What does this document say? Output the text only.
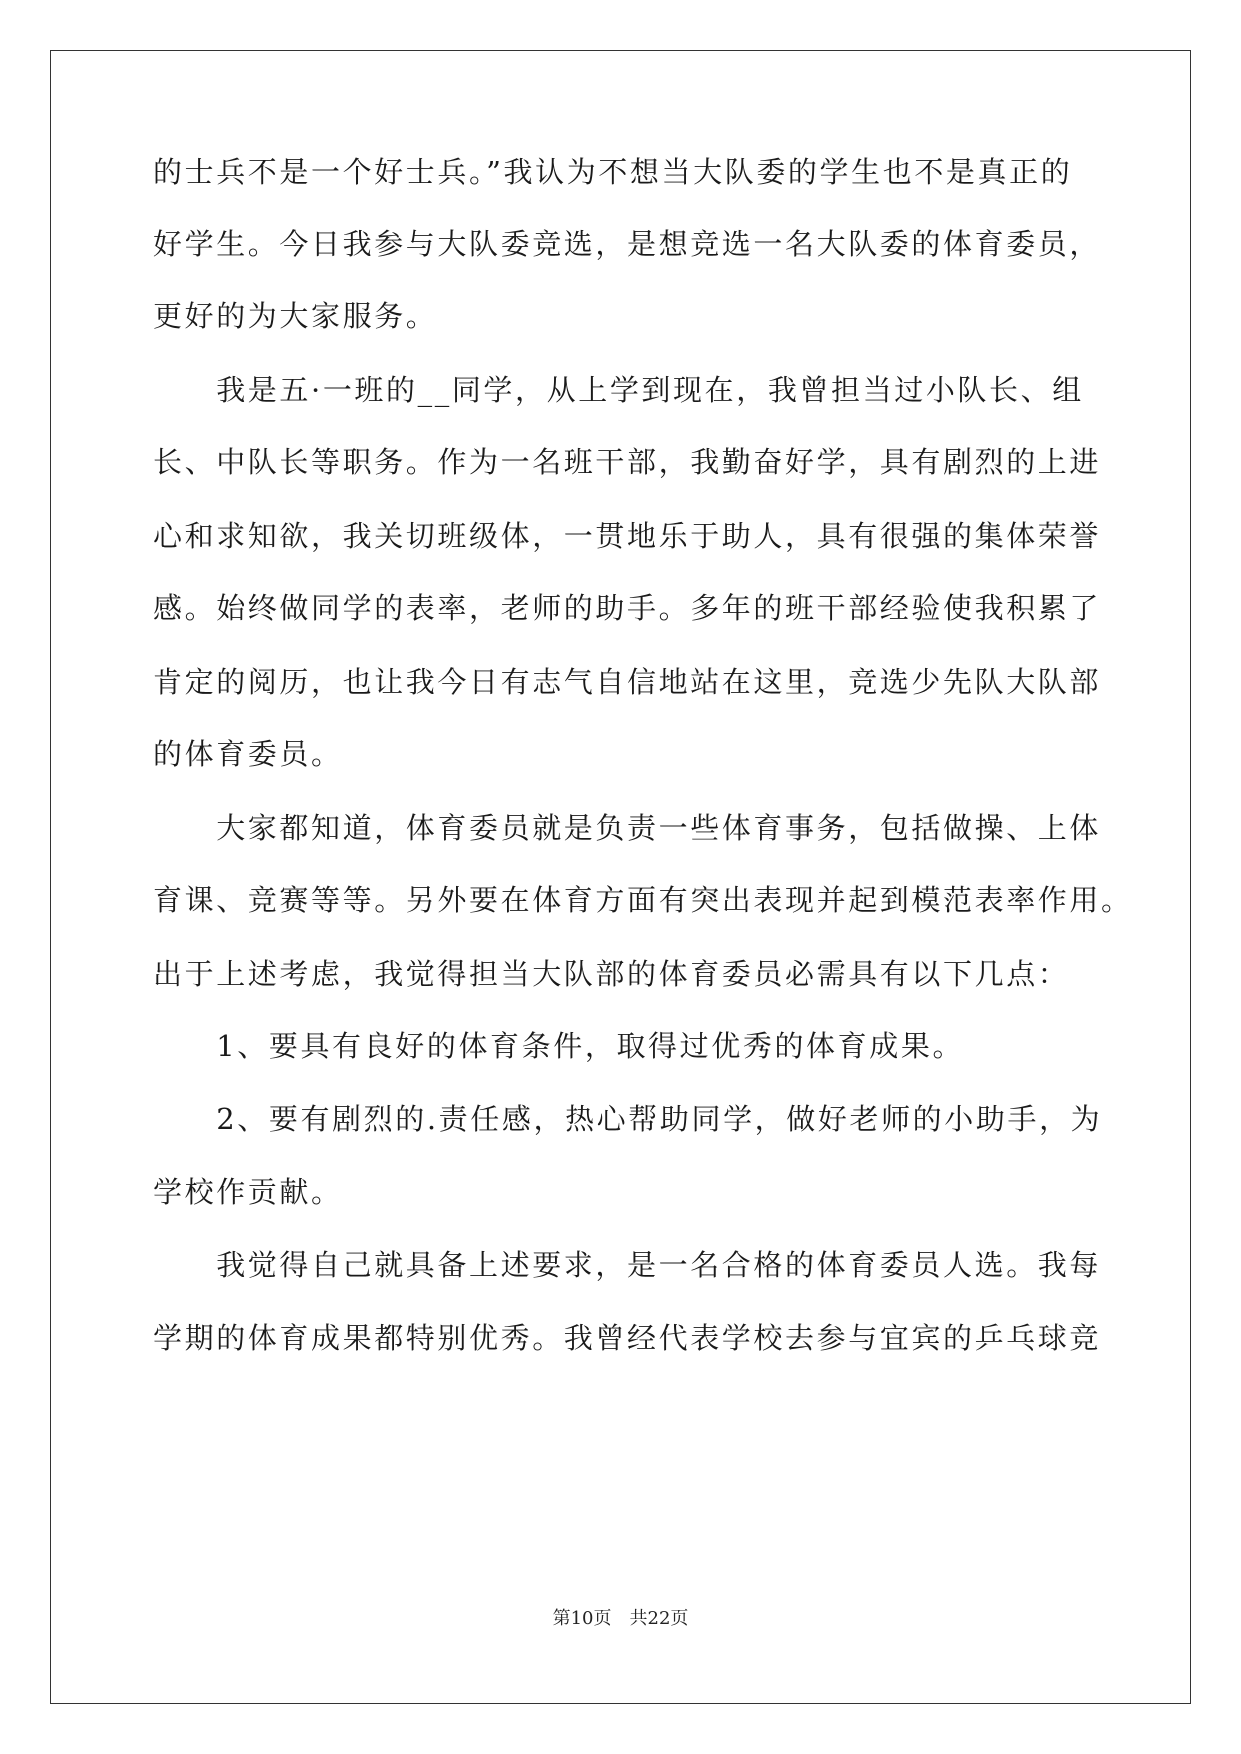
的士兵不是一个好士兵。”我认为不想当大队委的学生也不是真正的
好学生。今日我参与大队委竞选，是想竞选一名大队委的体育委员，
更好的为大家服务。
　　我是五·一班的__同学，从上学到现在，我曾担当过小队长、组
长、中队长等职务。作为一名班干部，我勤奋好学，具有剧烈的上进
心和求知欲，我关切班级体，一贯地乐于助人，具有很强的集体荣誉
感。始终做同学的表率，老师的助手。多年的班干部经验使我积累了
肯定的阅历，也让我今日有志气自信地站在这里，竞选少先队大队部
的体育委员。
　　大家都知道，体育委员就是负责一些体育事务，包括做操、上体
育课、竞赛等等。另外要在体育方面有突出表现并起到模范表率作用。
出于上述考虑，我觉得担当大队部的体育委员必需具有以下几点：
　　1、要具有良好的体育条件，取得过优秀的体育成果。
　　2、要有剧烈的.责任感，热心帮助同学，做好老师的小助手，为
学校作贡献。
　　我觉得自己就具备上述要求，是一名合格的体育委员人选。我每
学期的体育成果都特别优秀。我曾经代表学校去参与宜宾的乒乓球竞
第10页　共22页
